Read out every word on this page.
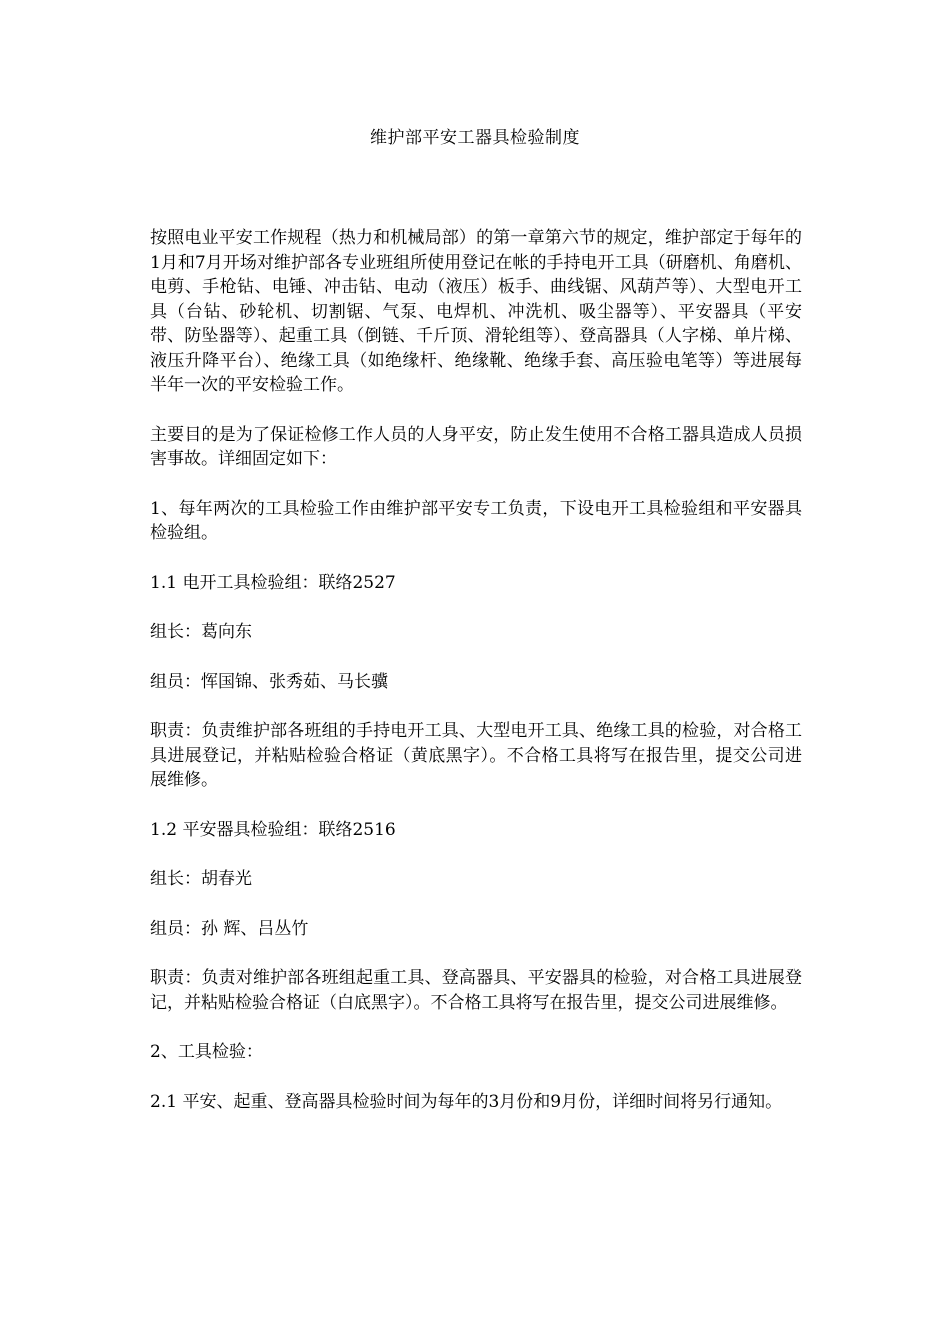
维护部平安工器具检验制度

按照电业平安工作规程（热力和机械局部）的第一章第六节的规定，维护部定于每年的1月和7月开场对维护部各专业班组所使用登记在帐的手持电开工具（研磨机、角磨机、电剪、手枪钻、电锤、冲击钻、电动（液压）板手、曲线锯、风葫芦等）、大型电开工具（台钻、砂轮机、切割锯、气泵、电焊机、冲洗机、吸尘器等）、平安器具（平安带、防坠器等）、起重工具（倒链、千斤顶、滑轮组等）、登高器具（人字梯、单片梯、液压升降平台）、绝缘工具（如绝缘杆、绝缘靴、绝缘手套、高压验电笔等）等进展每半年一次的平安检验工作。

主要目的是为了保证检修工作人员的人身平安，防止发生使用不合格工器具造成人员损害事故。详细固定如下：

1、每年两次的工具检验工作由维护部平安专工负责，下设电开工具检验组和平安器具检验组。

1.1 电开工具检验组：联络2527

组长：葛向东

组员：恽国锦、张秀茹、马长骥

职责：负责维护部各班组的手持电开工具、大型电开工具、绝缘工具的检验，对合格工具进展登记，并粘贴检验合格证（黄底黑字）。不合格工具将写在报告里，提交公司进展维修。

1.2 平安器具检验组：联络2516

组长：胡春光

组员：孙 辉、吕丛竹

职责：负责对维护部各班组起重工具、登高器具、平安器具的检验，对合格工具进展登记，并粘贴检验合格证（白底黑字）。不合格工具将写在报告里，提交公司进展维修。

2、工具检验：

2.1 平安、起重、登高器具检验时间为每年的3月份和9月份，详细时间将另行通知。
